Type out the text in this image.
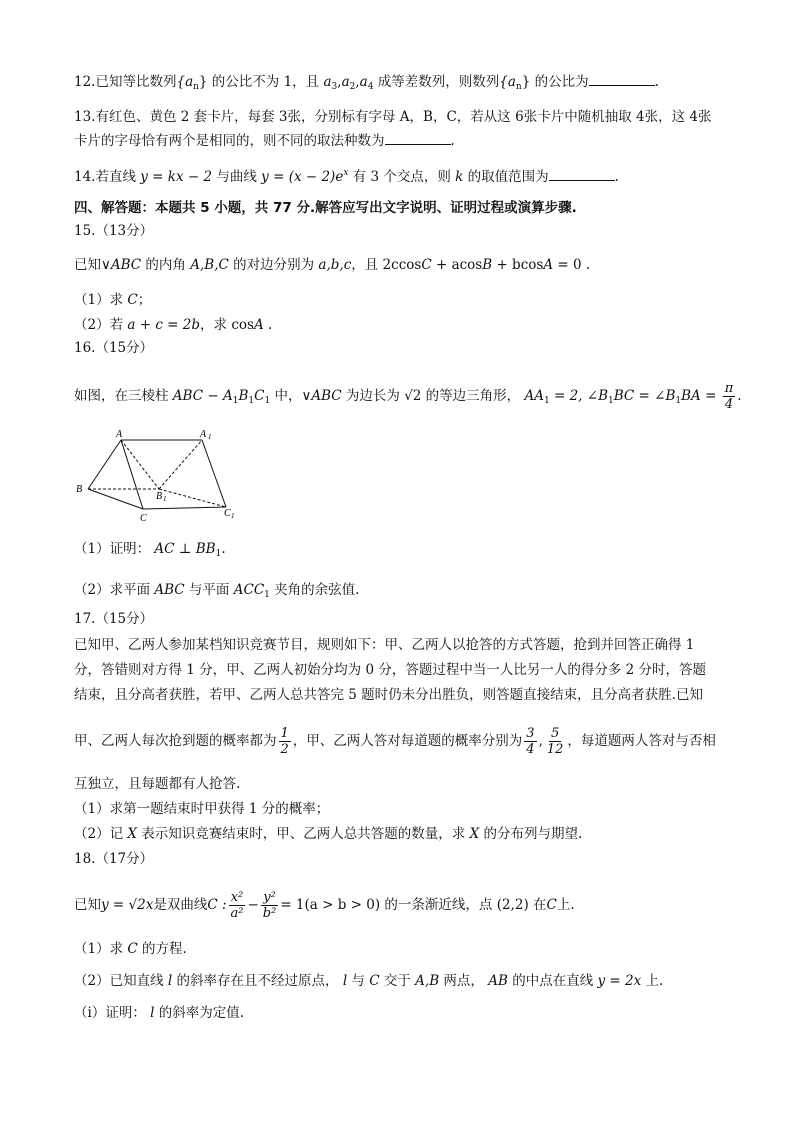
12.已知等比数列$\{a_n\}$ 的公比不为 1，且 $a_3,a_2,a_4$ 成等差数列，则数列$\{a_n\}$ 的公比为	.
13.有红色、黄色 2 套卡片，每套 3张，分别标有字母 A，B，C，若从这 6张卡片中随机抽取 4张，这 4张
卡片的字母恰有两个是相同的，则不同的取法种数为	.
14.若直线 y = kx − 2 与曲线 $y = (x - 2)e^x$ 有 3 个交点，则 k 的取值范围为	.
四、解答题：本题共 5 小题，共 77 分.解答应写出文字说明、证明过程或演算步骤.
15.（13分）
已知∨ABC 的内角 A,B,C 的对边分别为 a,b,c，且 2ccosC + acosB + bcosA = 0 .
（1）求 C；
（2）若 a + c = 2b，求 cosA .
16.（15分）
如图，在三棱柱 ABC − $A_1B_1C_1$ 中，∨ABC 为边长为 √2 的等边三角形， $AA_1 = 2$, $\angle B_1BC$ = $\angle B_1BA = \frac{\pi}{4}$ .
A	A 1
B
B 1
C	C 1
（1）证明： AC ⊥ $BB_1$.
（2）求平面 ABC 与平面 $ACC_1$ 夹角的余弦值.
17.（15分）
已知甲、乙两人参加某档知识竞赛节目，规则如下：甲、乙两人以抢答的方式答题，抢到并回答正确得 1
分，答错则对方得 1 分，甲、乙两人初始分均为 0 分，答题过程中当一人比另一人的得分多 2 分时，答题
结束，且分高者获胜，若甲、乙两人总共答完 5 题时仍未分出胜负，则答题直接结束，且分高者获胜.已知
甲、乙两人每次抢到题的概率都为 $\frac{1}{2}$ ，甲、乙两人答对每道题的概率分别为 $\frac{3}{4}$ , $\frac{5}{12}$ ，每道题两人答对与否相
互独立，且每题都有人抢答.
（1）求第一题结束时甲获得 1 分的概率；
（2）记 X 表示知识竞赛结束时，甲、乙两人总共答题的数量，求 X 的分布列与期望.
18.（17分）
已知 y = √2x 是双曲线 C : $\frac{\text{x²}}{\text{a²}} - \frac{\text{y²}}{\text{b²}} = 1(a > b > 0)$ 的一条渐近线，点 (2,2) 在 C 上.
（1）求 C 的方程.
（2）已知直线 l 的斜率存在且不经过原点， l 与 C 交于 A,B 两点， AB 的中点在直线 y = 2x 上.
（i）证明： l 的斜率为定值.
